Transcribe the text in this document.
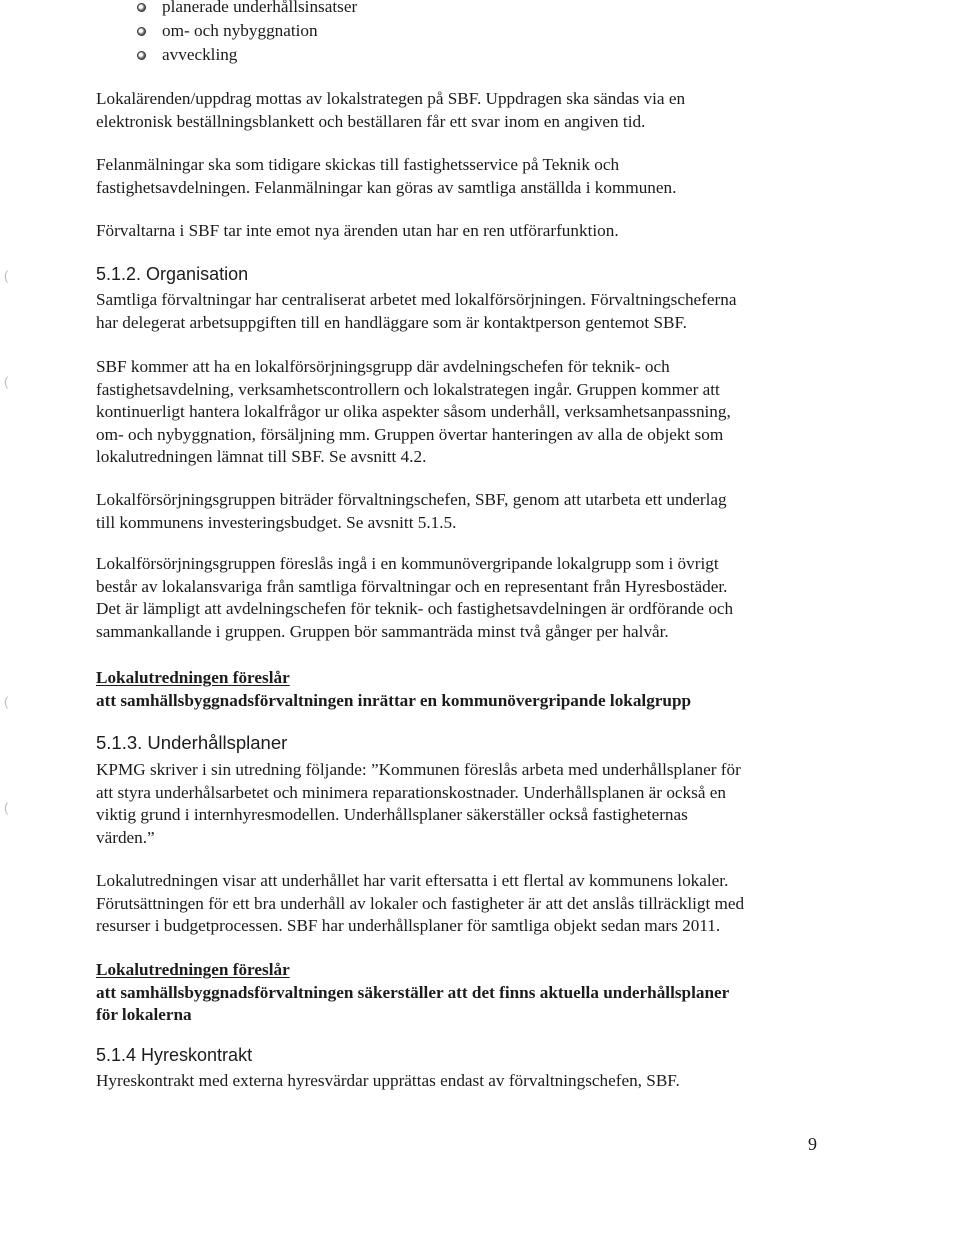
planerade underhållsinsatser
om- och nybyggnation
avveckling
Lokalärenden/uppdrag mottas av lokalstrategen på SBF. Uppdragen ska sändas via en
elektronisk beställningsblankett och beställaren får ett svar inom en angiven tid.
Felanmälningar ska som tidigare skickas till fastighetsservice på Teknik och
fastighetsavdelningen. Felanmälningar kan göras av samtliga anställda i kommunen.
Förvaltarna i SBF tar inte emot nya ärenden utan har en ren utförarfunktion.
5.1.2. Organisation
Samtliga förvaltningar har centraliserat arbetet med lokalförsörjningen. Förvaltningscheferna
har delegerat arbetsuppgiften till en handläggare som är kontaktperson gentemot SBF.
SBF kommer att ha en lokalförsörjningsgrupp där avdelningschefen för teknik- och
fastighetsavdelning, verksamhetscontrollern och lokalstrategen ingår. Gruppen kommer att
kontinuerligt hantera lokalfrågor ur olika aspekter såsom underhåll, verksamhetsanpassning,
om- och nybyggnation, försäljning mm. Gruppen övertar hanteringen av alla de objekt som
lokalutredningen lämnat till SBF. Se avsnitt 4.2.
Lokalförsörjningsgruppen biträder förvaltningschefen, SBF, genom att utarbeta ett underlag
till kommunens investeringsbudget. Se avsnitt 5.1.5.
Lokalförsörjningsgruppen föreslås ingå i en kommunövergripande lokalgrupp som i övrigt
består av lokalansvariga från samtliga förvaltningar och en representant från Hyresbostäder.
Det är lämpligt att avdelningschefen för teknik- och fastighetsavdelningen är ordförande och
sammankallande i gruppen. Gruppen bör sammanträda minst två gånger per halvår.
Lokalutredningen föreslår
att samhällsbyggnadsförvaltningen inrättar en kommunövergripande lokalgrupp
5.1.3. Underhållsplaner
KPMG skriver i sin utredning följande: ”Kommunen föreslås arbeta med underhållsplaner för
att styra underhålsarbetet och minimera reparationskostnader. Underhållsplanen är också en
viktig grund i internhyresmodellen. Underhållsplaner säkerställer också fastigheternas
värden.”
Lokalutredningen visar att underhållet har varit eftersatta i ett flertal av kommunens lokaler.
Förutsättningen för ett bra underhåll av lokaler och fastigheter är att det anslås tillräckligt med
resurser i budgetprocessen. SBF har underhållsplaner för samtliga objekt sedan mars 2011.
Lokalutredningen föreslår
att samhällsbyggnadsförvaltningen säkerställer att det finns aktuella underhållsplaner
för lokalerna
5.1.4 Hyreskontrakt
Hyreskontrakt med externa hyresvärdar upprättas endast av förvaltningschefen, SBF.
9
(
(
(
(
